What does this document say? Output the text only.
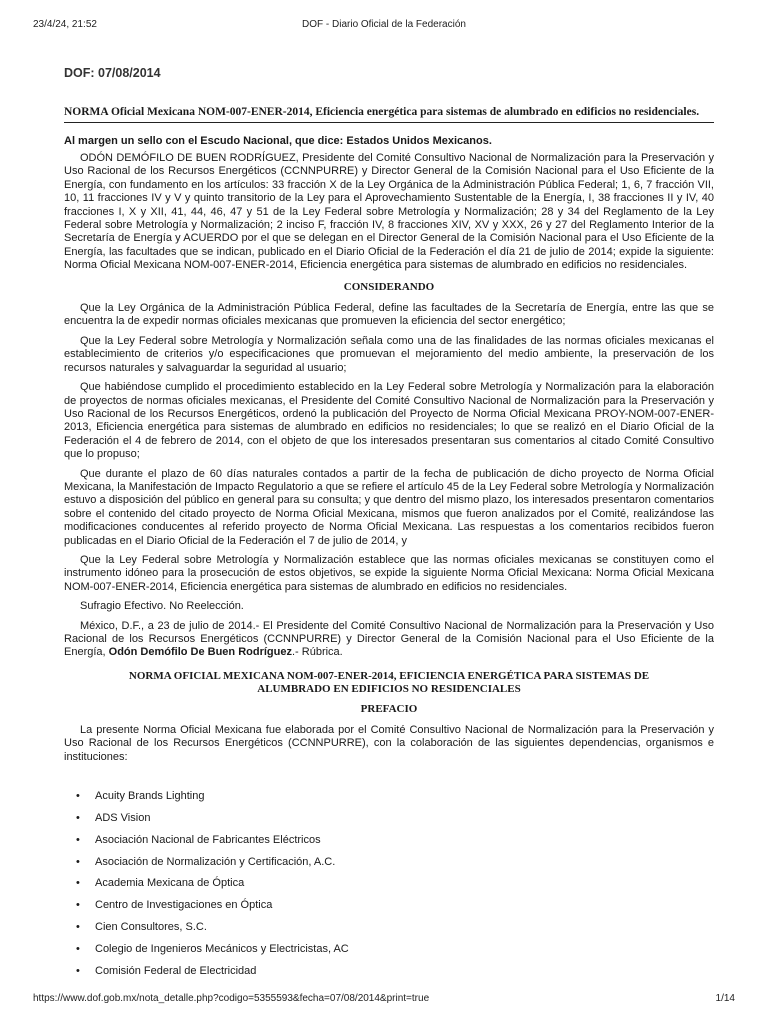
23/4/24, 21:52	DOF - Diario Oficial de la Federación
DOF: 07/08/2014
NORMA Oficial Mexicana NOM-007-ENER-2014, Eficiencia energética para sistemas de alumbrado en edificios no residenciales.
Al margen un sello con el Escudo Nacional, que dice: Estados Unidos Mexicanos.

ODÓN DEMÓFILO DE BUEN RODRÍGUEZ, Presidente del Comité Consultivo Nacional de Normalización para la Preservación y Uso Racional de los Recursos Energéticos (CCNNPURRE) y Director General de la Comisión Nacional para el Uso Eficiente de la Energía, con fundamento en los artículos: 33 fracción X de la Ley Orgánica de la Administración Pública Federal; 1, 6, 7 fracción VII, 10, 11 fracciones IV y V y quinto transitorio de la Ley para el Aprovechamiento Sustentable de la Energía, I, 38 fracciones II y IV, 40 fracciones I, X y XII, 41, 44, 46, 47 y 51 de la Ley Federal sobre Metrología y Normalización; 28 y 34 del Reglamento de la Ley Federal sobre Metrología y Normalización; 2 inciso F, fracción IV, 8 fracciones XIV, XV y XXX, 26 y 27 del Reglamento Interior de la Secretaría de Energía y ACUERDO por el que se delegan en el Director General de la Comisión Nacional para el Uso Eficiente de la Energía, las facultades que se indican, publicado en el Diario Oficial de la Federación el día 21 de julio de 2014; expide la siguiente: Norma Oficial Mexicana NOM-007-ENER-2014, Eficiencia energética para sistemas de alumbrado en edificios no residenciales.

CONSIDERANDO

Que la Ley Orgánica de la Administración Pública Federal, define las facultades de la Secretaría de Energía, entre las que se encuentra la de expedir normas oficiales mexicanas que promueven la eficiencia del sector energético;

Que la Ley Federal sobre Metrología y Normalización señala como una de las finalidades de las normas oficiales mexicanas el establecimiento de criterios y/o especificaciones que promuevan el mejoramiento del medio ambiente, la preservación de los recursos naturales y salvaguardar la seguridad al usuario;

Que habiéndose cumplido el procedimiento establecido en la Ley Federal sobre Metrología y Normalización para la elaboración de proyectos de normas oficiales mexicanas, el Presidente del Comité Consultivo Nacional de Normalización para la Preservación y Uso Racional de los Recursos Energéticos, ordenó la publicación del Proyecto de Norma Oficial Mexicana PROY-NOM-007-ENER-2013, Eficiencia energética para sistemas de alumbrado en edificios no residenciales; lo que se realizó en el Diario Oficial de la Federación el 4 de febrero de 2014, con el objeto de que los interesados presentaran sus comentarios al citado Comité Consultivo que lo propuso;

Que durante el plazo de 60 días naturales contados a partir de la fecha de publicación de dicho proyecto de Norma Oficial Mexicana, la Manifestación de Impacto Regulatorio a que se refiere el artículo 45 de la Ley Federal sobre Metrología y Normalización estuvo a disposición del público en general para su consulta; y que dentro del mismo plazo, los interesados presentaron comentarios sobre el contenido del citado proyecto de Norma Oficial Mexicana, mismos que fueron analizados por el Comité, realizándose las modificaciones conducentes al referido proyecto de Norma Oficial Mexicana. Las respuestas a los comentarios recibidos fueron publicadas en el Diario Oficial de la Federación el 7 de julio de 2014, y

Que la Ley Federal sobre Metrología y Normalización establece que las normas oficiales mexicanas se constituyen como el instrumento idóneo para la prosecución de estos objetivos, se expide la siguiente Norma Oficial Mexicana: Norma Oficial Mexicana NOM-007-ENER-2014, Eficiencia energética para sistemas de alumbrado en edificios no residenciales.

Sufragio Efectivo. No Reelección.

México, D.F., a 23 de julio de 2014.- El Presidente del Comité Consultivo Nacional de Normalización para la Preservación y Uso Racional de los Recursos Energéticos (CCNNPURRE) y Director General de la Comisión Nacional para el Uso Eficiente de la Energía, Odón Demófilo De Buen Rodríguez.- Rúbrica.

NORMA OFICIAL MEXICANA NOM-007-ENER-2014, EFICIENCIA ENERGÉTICA PARA SISTEMAS DE
ALUMBRADO EN EDIFICIOS NO RESIDENCIALES
PREFACIO

La presente Norma Oficial Mexicana fue elaborada por el Comité Consultivo Nacional de Normalización para la Preservación y Uso Racional de los Recursos Energéticos (CCNNPURRE), con la colaboración de las siguientes dependencias, organismos e instituciones:

• Acuity Brands Lighting
• ADS Vision
• Asociación Nacional de Fabricantes Eléctricos
• Asociación de Normalización y Certificación, A.C.
• Academia Mexicana de Óptica
• Centro de Investigaciones en Óptica
• Cien Consultores, S.C.
• Colegio de Ingenieros Mecánicos y Electricistas, AC
• Comisión Federal de Electricidad
https://www.dof.gob.mx/nota_detalle.php?codigo=5355593&fecha=07/08/2014&print=true	1/14
